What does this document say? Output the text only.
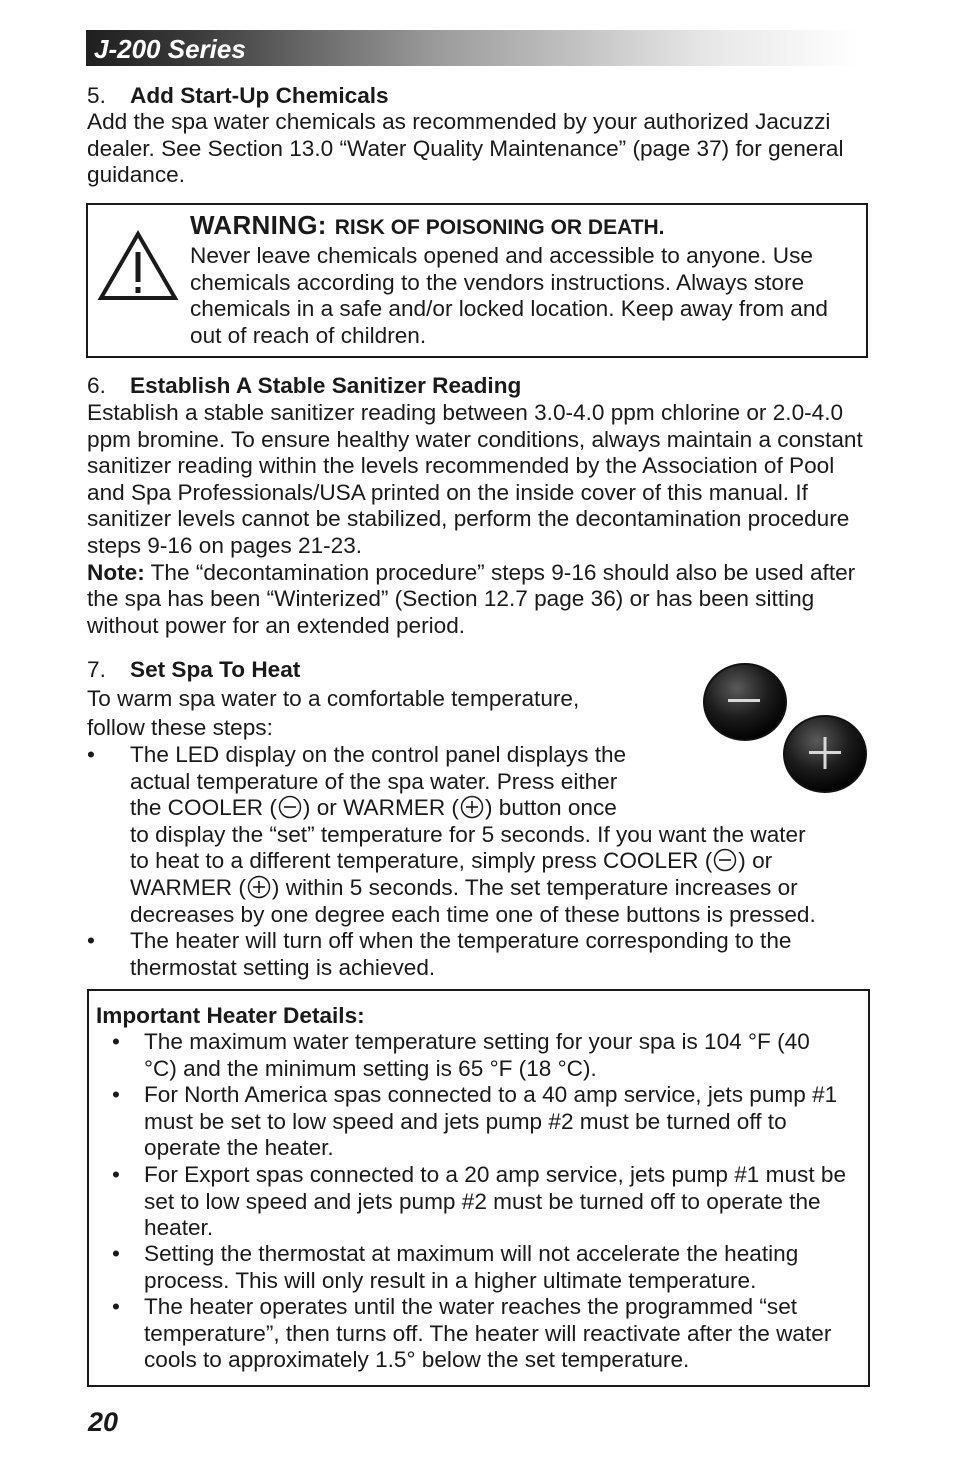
J-200 Series
5. Add Start-Up Chemicals

Add the spa water chemicals as recommended by your authorized Jacuzzi dealer. See Section 13.0 “Water Quality Maintenance” (page 37) for general guidance.

WARNING: RISK OF POISONING OR DEATH.

Never leave chemicals opened and accessible to anyone. Use chemicals according to the vendors instructions. Always store chemicals in a safe and/or locked location. Keep away from and out of reach of children.

6. Establish A Stable Sanitizer Reading

Establish a stable sanitizer reading between 3.0-4.0 ppm chlorine or 2.0-4.0 ppm bromine. To ensure healthy water conditions, always maintain a constant sanitizer reading within the levels recommended by the Association of Pool and Spa Professionals/USA printed on the inside cover of this manual. If sanitizer levels cannot be stabilized, perform the decontamination procedure steps 9-16 on pages 21-23.
Note: The “decontamination procedure” steps 9-16 should also be used after the spa has been “Winterized” (Section 12.7 page 36) or has been sitting without power for an extended period.

7. Set Spa To Heat
To warm spa water to a comfortable temperature,
follow these steps:
• The LED display on the control panel displays the
actual temperature of the spa water. Press either
the COOLER ( ) or WARMER ( ) button once
to display the “set” temperature for 5 seconds. If you want the water
to heat to a different temperature, simply press COOLER ( ) or
WARMER ( ) within 5 seconds. The set temperature increases or
decreases by one degree each time one of these buttons is pressed.
• The heater will turn off when the temperature corresponding to the thermostat setting is achieved.

Important Heater Details:
• The maximum water temperature setting for your spa is 104 °F (40 °C) and the minimum setting is 65 °F (18 °C).

• For North America spas connected to a 40 amp service, jets pump #1 must be set to low speed and jets pump #2 must be turned off to operate the heater.

• For Export spas connected to a 20 amp service, jets pump #1 must be set to low speed and jets pump #2 must be turned off to operate the heater.

• Setting the thermostat at maximum will not accelerate the heating process. This will only result in a higher ultimate temperature.

• The heater operates until the water reaches the programmed “set temperature”, then turns off. The heater will reactivate after the water cools to approximately 1.5° below the set temperature.

20
